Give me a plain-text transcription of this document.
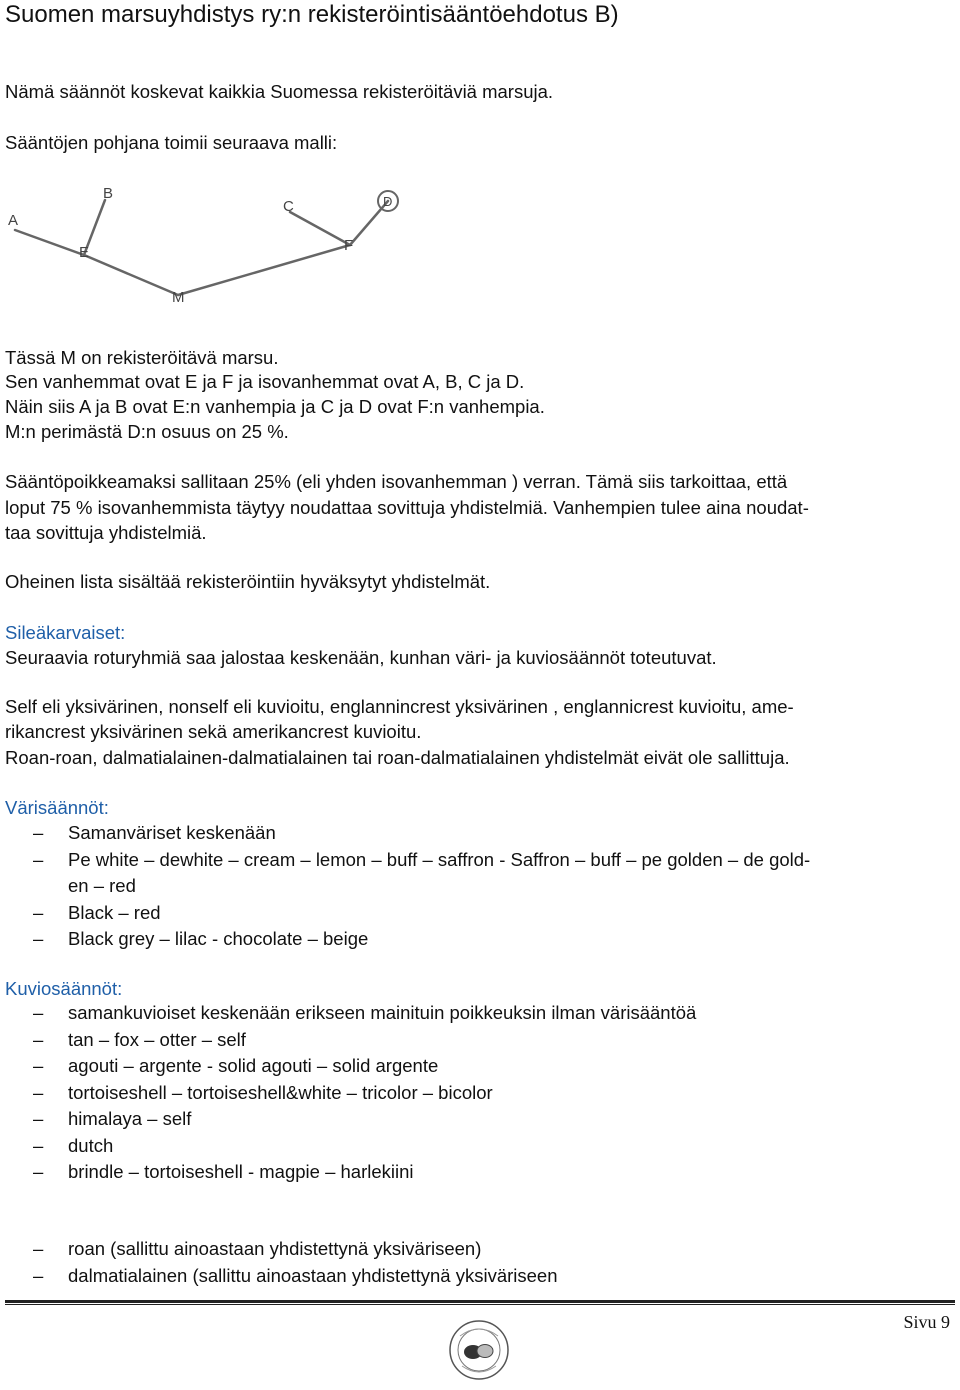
Suomen marsuyhdistys ry:n rekisteröintisääntöehdotus B)
Nämä säännöt koskevat kaikkia Suomessa rekisteröitäviä marsuja.
Sääntöjen pohjana toimii seuraava malli:
A
B
C	D
E	F
M
Tässä M on rekisteröitävä marsu.
Sen vanhemmat ovat E ja F ja isovanhemmat ovat A, B, C ja D.
Näin siis A ja B ovat E:n vanhempia ja C ja D ovat F:n vanhempia.
M:n perimästä D:n osuus on 25 %.
Sääntöpoikkeamaksi sallitaan 25% (eli yhden isovanhemman ) verran. Tämä siis tarkoittaa, että
loput 75 % isovanhemmista täytyy noudattaa sovittuja yhdistelmiä. Vanhempien tulee aina noudat-
taa sovittuja yhdistelmiä.
Oheinen lista sisältää rekisteröintiin hyväksytyt yhdistelmät.
Sileäkarvaiset:
Seuraavia roturyhmiä saa jalostaa keskenään, kunhan väri- ja kuviosäännöt toteutuvat.
Self eli yksivärinen, nonself eli kuvioitu, englannincrest yksivärinen , englannicrest kuvioitu, ame-
rikancrest yksivärinen sekä amerikancrest kuvioitu.
Roan-roan, dalmatialainen-dalmatialainen tai roan-dalmatialainen yhdistelmät eivät ole sallittuja.
Värisäännöt:
– Samanväriset keskenään
– Pe white – dewhite – cream – lemon – buff – saffron - Saffron – buff – pe golden – de gold-
en – red
– Black – red
– Black grey – lilac - chocolate – beige
Kuviosäännöt:
– samankuvioiset keskenään erikseen mainituin poikkeuksin ilman värisääntöä
– tan – fox – otter – self
– agouti – argente - solid agouti – solid argente
– tortoiseshell – tortoiseshell&white – tricolor – bicolor
– himalaya – self
– dutch
– brindle – tortoiseshell - magpie – harlekiini
– roan (sallittu ainoastaan yhdistettynä yksiväriseen)
– dalmatialainen (sallittu ainoastaan yhdistettynä yksiväriseen
Sivu 9
